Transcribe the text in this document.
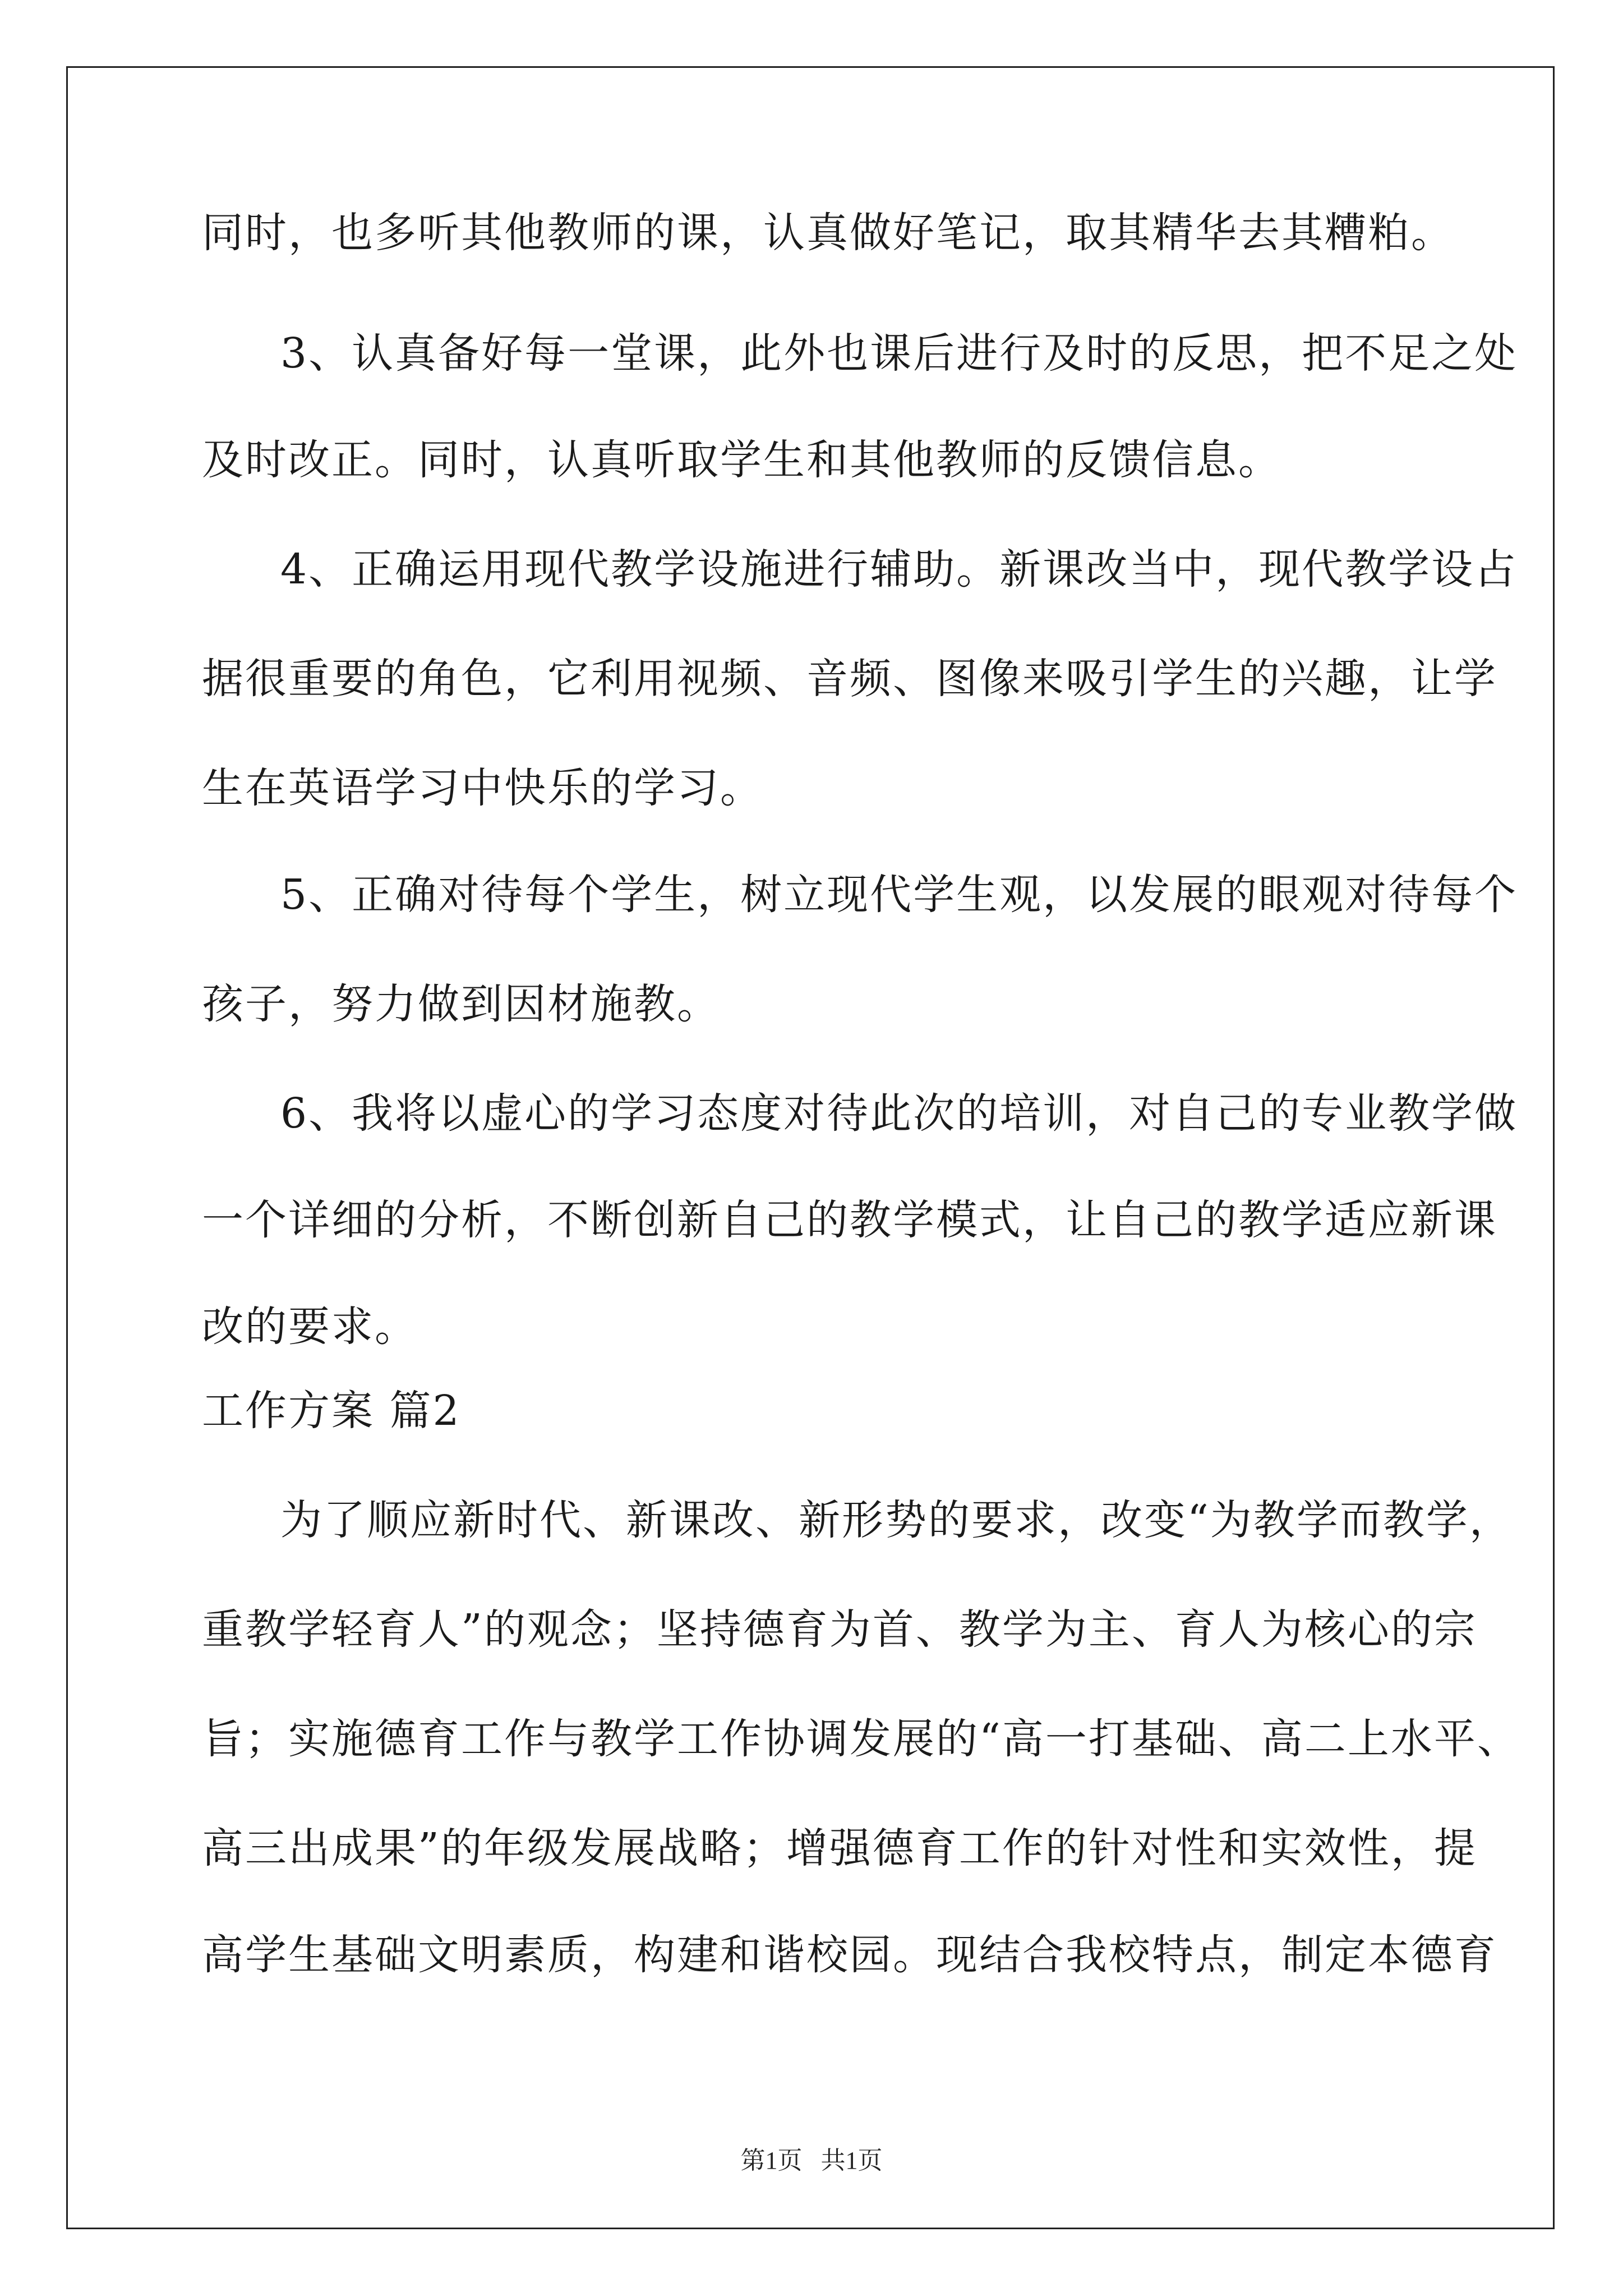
同时，也多听其他教师的课，认真做好笔记，取其精华去其糟粕。
3、认真备好每一堂课，此外也课后进行及时的反思，把不足之处
及时改正。同时，认真听取学生和其他教师的反馈信息。
4、正确运用现代教学设施进行辅助。新课改当中，现代教学设占
据很重要的角色，它利用视频、音频、图像来吸引学生的兴趣，让学
生在英语学习中快乐的学习。
5、正确对待每个学生，树立现代学生观，以发展的眼观对待每个
孩子，努力做到因材施教。
6、我将以虚心的学习态度对待此次的培训，对自己的专业教学做
一个详细的分析，不断创新自己的教学模式，让自己的教学适应新课
改的要求。
工作方案 篇2
为了顺应新时代、新课改、新形势的要求，改变“为教学而教学，
重教学轻育人”的观念；坚持德育为首、教学为主、育人为核心的宗
旨；实施德育工作与教学工作协调发展的“高一打基础、高二上水平、
高三出成果”的年级发展战略；增强德育工作的针对性和实效性，提
高学生基础文明素质，构建和谐校园。现结合我校特点，制定本德育
第1页 共1页
